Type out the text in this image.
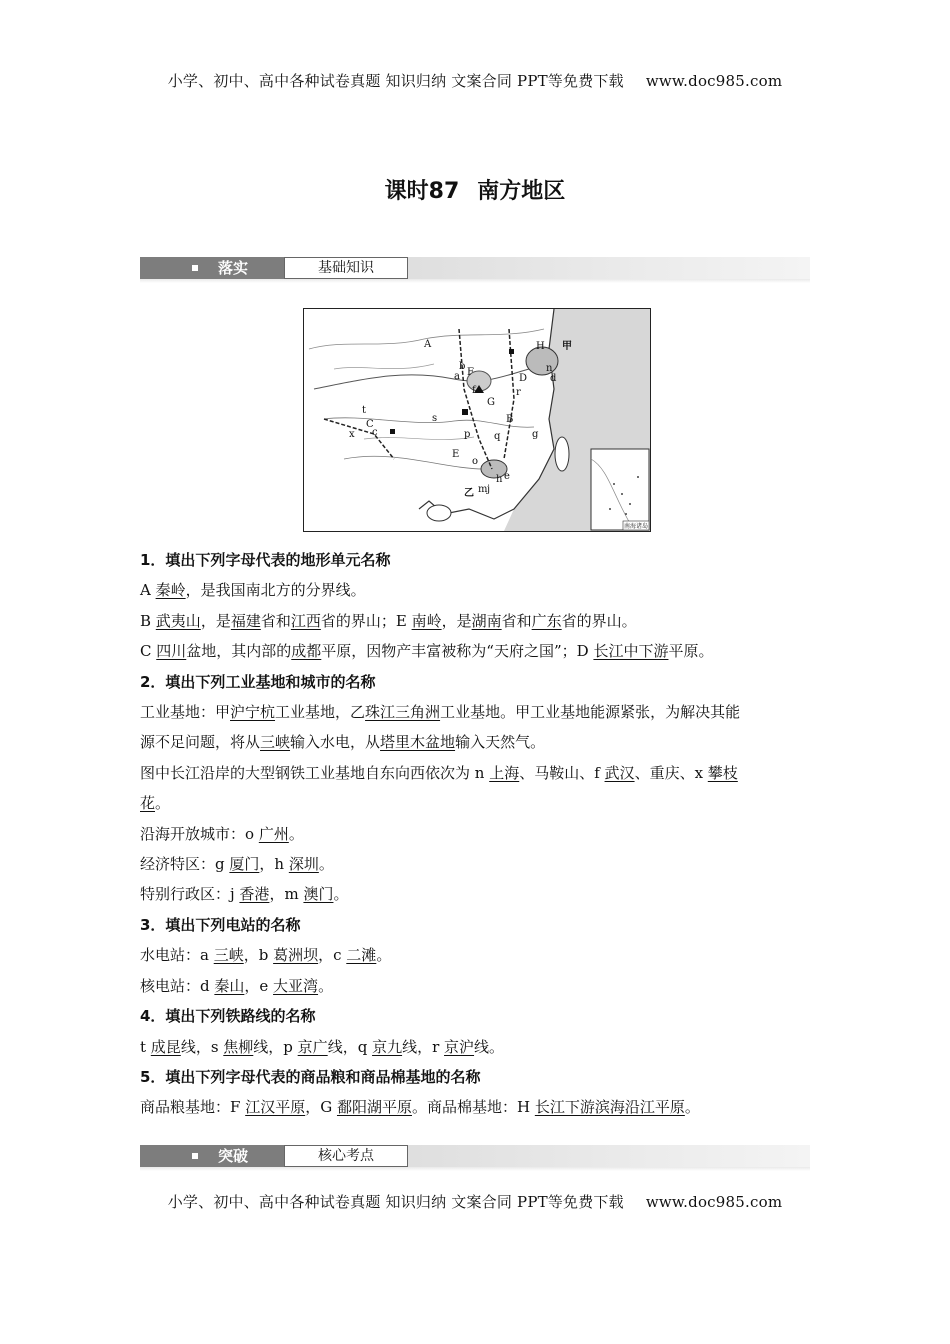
小学、初中、高中各种试卷真题 知识归纳 文案合同 PPT等免费下载 www.doc985.com
课时87 南方地区
落实	基础知识
南海诸岛
A
B
C
D
E
F
G
H 甲
乙
a
b
c
d
e
f
g
h
j
m
n
o
p q
r
s
t
x

1．填出下列字母代表的地形单元名称

A 秦岭，是我国南北方的分界线。

B 武夷山，是福建省和江西省的界山；E 南岭，是湖南省和广东省的界山。

C 四川盆地，其内部的成都平原，因物产丰富被称为“天府之国”；D 长江中下游平原。

2．填出下列工业基地和城市的名称

工业基地：甲沪宁杭工业基地，乙珠江三角洲工业基地。甲工业基地能源紧张，为解决其能

源不足问题，将从三峡输入水电，从塔里木盆地输入天然气。

图中长江沿岸的大型钢铁工业基地自东向西依次为 n 上海、马鞍山、f 武汉、重庆、x 攀枝

花。

沿海开放城市：o 广州。

经济特区：g 厦门，h 深圳。

特别行政区：j 香港，m 澳门。

3．填出下列电站的名称

水电站：a 三峡，b 葛洲坝，c 二滩。

核电站：d 秦山，e 大亚湾。

4．填出下列铁路线的名称

t 成昆线，s 焦柳线，p 京广线，q 京九线，r 京沪线。

5．填出下列字母代表的商品粮和商品棉基地的名称

商品粮基地：F 江汉平原，G 鄱阳湖平原。商品棉基地：H 长江下游滨海沿江平原。

突破	核心考点
小学、初中、高中各种试卷真题 知识归纳 文案合同 PPT等免费下载 www.doc985.com
